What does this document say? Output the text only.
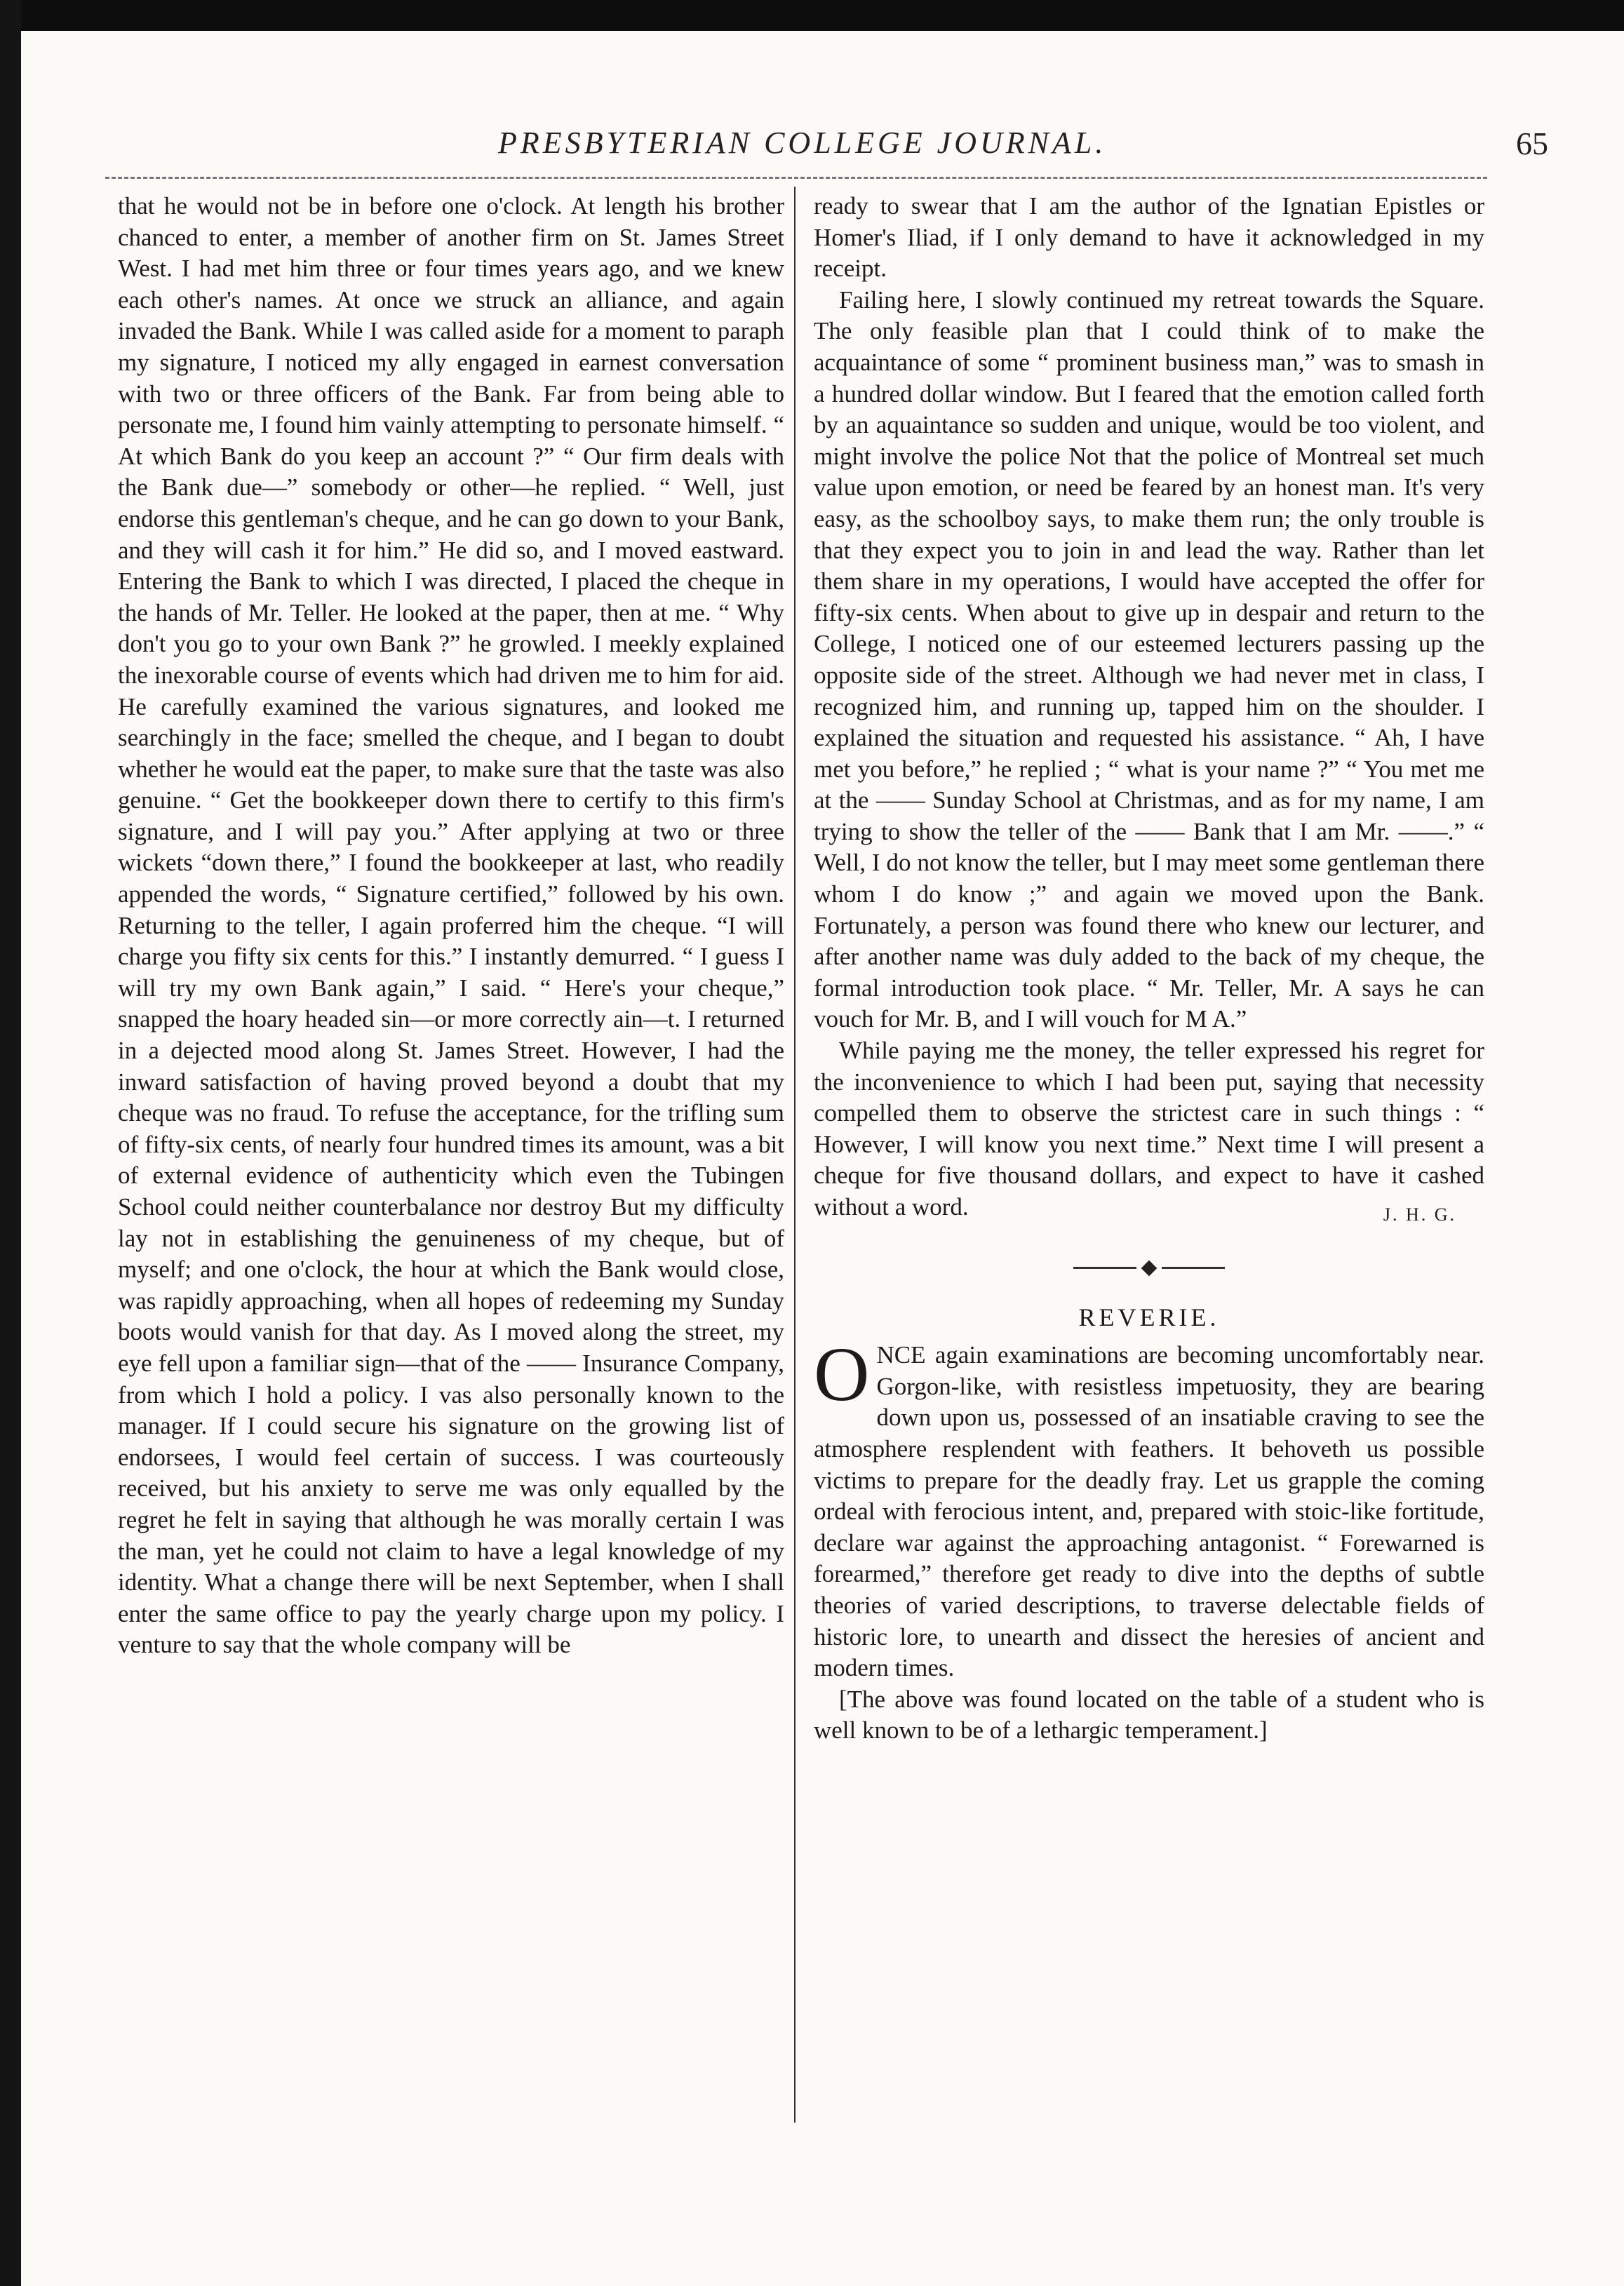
PRESBYTERIAN COLLEGE JOURNAL.	65

that he would not be in before one o'clock. At length his brother chanced to enter, a member of another firm on St. James Street West. I had met him three or four times years ago, and we knew each other's names. At once we struck an alliance, and again invaded the Bank. While I was called aside for a moment to paraph my signature, I noticed my ally engaged in earnest conversation with two or three officers of the Bank. Far from being able to personate me, I found him vainly attempting to personate himself. “ At which Bank do you keep an account ?” “ Our firm deals with the Bank due—” somebody or other—he replied. “ Well, just endorse this gentleman's cheque, and he can go down to your Bank, and they will cash it for him.” He did so, and I moved eastward. Entering the Bank to which I was directed, I placed the cheque in the hands of Mr. Teller. He looked at the paper, then at me. “ Why don't you go to your own Bank ?” he growled. I meekly explained the inexorable course of events which had driven me to him for aid. He carefully examined the various signatures, and looked me searchingly in the face; smelled the cheque, and I began to doubt whether he would eat the paper, to make sure that the taste was also genuine. “ Get the bookkeeper down there to certify to this firm's signature, and I will pay you.” After applying at two or three wickets “down there,” I found the bookkeeper at last, who readily appended the words, “ Signature certified,” followed by his own. Returning to the teller, I again proferred him the cheque. “I will charge you fifty six cents for this.” I instantly demurred. “ I guess I will try my own Bank again,” I said. “ Here's your cheque,” snapped the hoary headed sin—or more correctly ain—t. I returned in a dejected mood along St. James Street. However, I had the inward satisfaction of having proved beyond a doubt that my cheque was no fraud. To refuse the acceptance, for the trifling sum of fifty-six cents, of nearly four hundred times its amount, was a bit of external evidence of authenticity which even the Tubingen School could neither counterbalance nor destroy But my difficulty lay not in establishing the genuineness of my cheque, but of myself; and one o'clock, the hour at which the Bank would close, was rapidly approaching, when all hopes of redeeming my Sunday boots would vanish for that day. As I moved along the street, my eye fell upon a familiar sign—that of the —— Insurance Company, from which I hold a policy. I vas also personally known to the manager. If I could secure his signature on the growing list of endorsees, I would feel certain of success. I was courteously received, but his anxiety to serve me was only equalled by the regret he felt in saying that although he was morally certain I was the man, yet he could not claim to have a legal knowledge of my identity. What a change there will be next September, when I shall enter the same office to pay the yearly charge upon my policy. I venture to say that the whole company will be

ready to swear that I am the author of the Ignatian Epistles or Homer's Iliad, if I only demand to have it acknowledged in my receipt.

Failing here, I slowly continued my retreat towards the Square. The only feasible plan that I could think of to make the acquaintance of some “ prominent business man,” was to smash in a hundred dollar window. But I feared that the emotion called forth by an aquaintance so sudden and unique, would be too violent, and might involve the police Not that the police of Montreal set much value upon emotion, or need be feared by an honest man. It's very easy, as the schoolboy says, to make them run; the only trouble is that they expect you to join in and lead the way. Rather than let them share in my operations, I would have accepted the offer for fifty-six cents. When about to give up in despair and return to the College, I noticed one of our esteemed lecturers passing up the opposite side of the street. Although we had never met in class, I recognized him, and running up, tapped him on the shoulder. I explained the situation and requested his assistance. “ Ah, I have met you before,” he replied ; “ what is your name ?” “ You met me at the —— Sunday School at Christmas, and as for my name, I am trying to show the teller of the —— Bank that I am Mr. ——.” “ Well, I do not know the teller, but I may meet some gentleman there whom I do know ;” and again we moved upon the Bank. Fortunately, a person was found there who knew our lecturer, and after another name was duly added to the back of my cheque, the formal introduction took place. “ Mr. Teller, Mr. A says he can vouch for Mr. B, and I will vouch for M A.”

While paying me the money, the teller expressed his regret for the inconvenience to which I had been put, saying that necessity compelled them to observe the strictest care in such things : “ However, I will know you next time.” Next time I will present a cheque for five thousand dollars, and expect to have it cashed without a word.	J. H. G.
REVERIE.

ONCE again examinations are becoming uncomfortably near. Gorgon-like, with resistless impetuosity, they are bearing down upon us, possessed of an insatiable craving to see the atmosphere resplendent with feathers. It behoveth us possible victims to prepare for the deadly fray. Let us grapple the coming ordeal with ferocious intent, and, prepared with stoic-like fortitude, declare war against the approaching antagonist. “ Forewarned is forearmed,” therefore get ready to dive into the depths of subtle theories of varied descriptions, to traverse delectable fields of historic lore, to unearth and dissect the heresies of ancient and modern times.

[The above was found located on the table of a student who is well known to be of a lethargic temperament.]
